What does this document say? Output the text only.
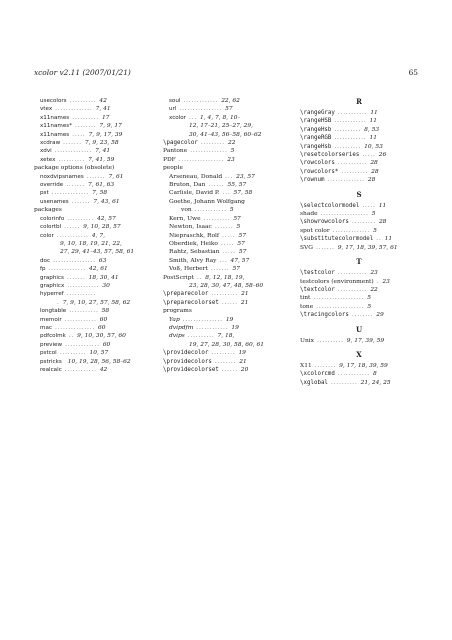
xcolor v2.11 (2007/01/21)	65
usecolors .......... 42
vtex .............. 7, 41
x11names .......... 17
x11names* ........ 7, 9, 17
x11names ..... 7, 9, 17, 39
xcdraw ....... 7, 9, 23, 58
xdvi .............. 7, 41
xetex .......... 7, 41, 59
package options (obsolete)
noxdvipsnames ....... 7, 61
override ....... 7, 61, 63
pst .............. 7, 58
usenames ....... 7, 43, 61
packages
colorinfo .......... 42, 57
colortbl ...... 9, 10, 28, 57
color ............ 4, 7,
9, 10, 18, 19, 21, 22,
27, 29, 41–43, 57, 58, 61
doc ................ 63
fp .............. 42, 61
graphics ....... 18, 30, 41
graphicx ............ 30
hyperref ...........
. 7, 9, 10, 27, 57, 58, 62
longtable ........... 58
memoir ............ 60
mac ............... 60
pdfcolmk .. 9, 10, 30, 57, 60
preview ............. 60
pstcol .......... 10, 57
pstricks 10, 19, 28, 56, 58–62
realcalc ............ 42
soul ............. 22, 62
url ................ 57
xcolor ... 1, 4, 7, 8, 10–
12, 17–21, 25–27, 29,
30, 41–43, 56–58, 60–62
\pagecolor ......... 22
Pantone .............. 5
PDF ................. 23
people
Arseneau, Donald ... 23, 57
Bruton, Dan ...... 55, 57
Carlisle, David P. ... 57, 58
Goethe, Johann Wolfgang
von ............ 5
Kern, Uwe .......... 57
Newton, Isaac ....... 5
Niepraschk, Rolf ..... 57
Oberdiek, Heiko ..... 57
Rahtz, Sebastian ..... 57
Smith, Alvy Ray ... 47, 57
Voß, Herbert ....... 57
PostScript .. 8, 12, 18, 19,
23, 28, 30, 47, 48, 58–60
\preparecolor .......... 21
\preparecolorset ...... 21
programs
Yap ............... 19
dvipdfm ............ 19
dvips .......... 7, 18,
19, 27, 28, 30, 58, 60, 61
\providecolor ......... 19
\providecolors ........ 21
\providecolorset ...... 20
R
\rangeGray ........... 11
\rangeHSB ............ 11
\rangeHsb .......... 8, 53
\rangeRGB ............ 11
\rangeHsb .......... 10, 53
\resetcolorseries ..... 26
\rowcolors ........... 28
\rowcolors* .......... 28
\rownum .............. 28
S
\selectcolormodel ..... 11
shade .................. 5
\showrowcolors ......... 28
spot color .............. 5
\substitutecolormodel .. 11
SVG ....... 9, 17, 18, 39, 57, 61
T
\testcolor ........... 23
testcolors (environment) . 23
\textcolor ........... 22
tint ................... 5
tone .................. 5
\tracingcolors ........ 29
U
Unix .......... 9, 17, 39, 59
X
X11 ........ 9, 17, 18, 39, 59
\xcolorcmd ............ 8
\xglobal .......... 21, 24, 25
